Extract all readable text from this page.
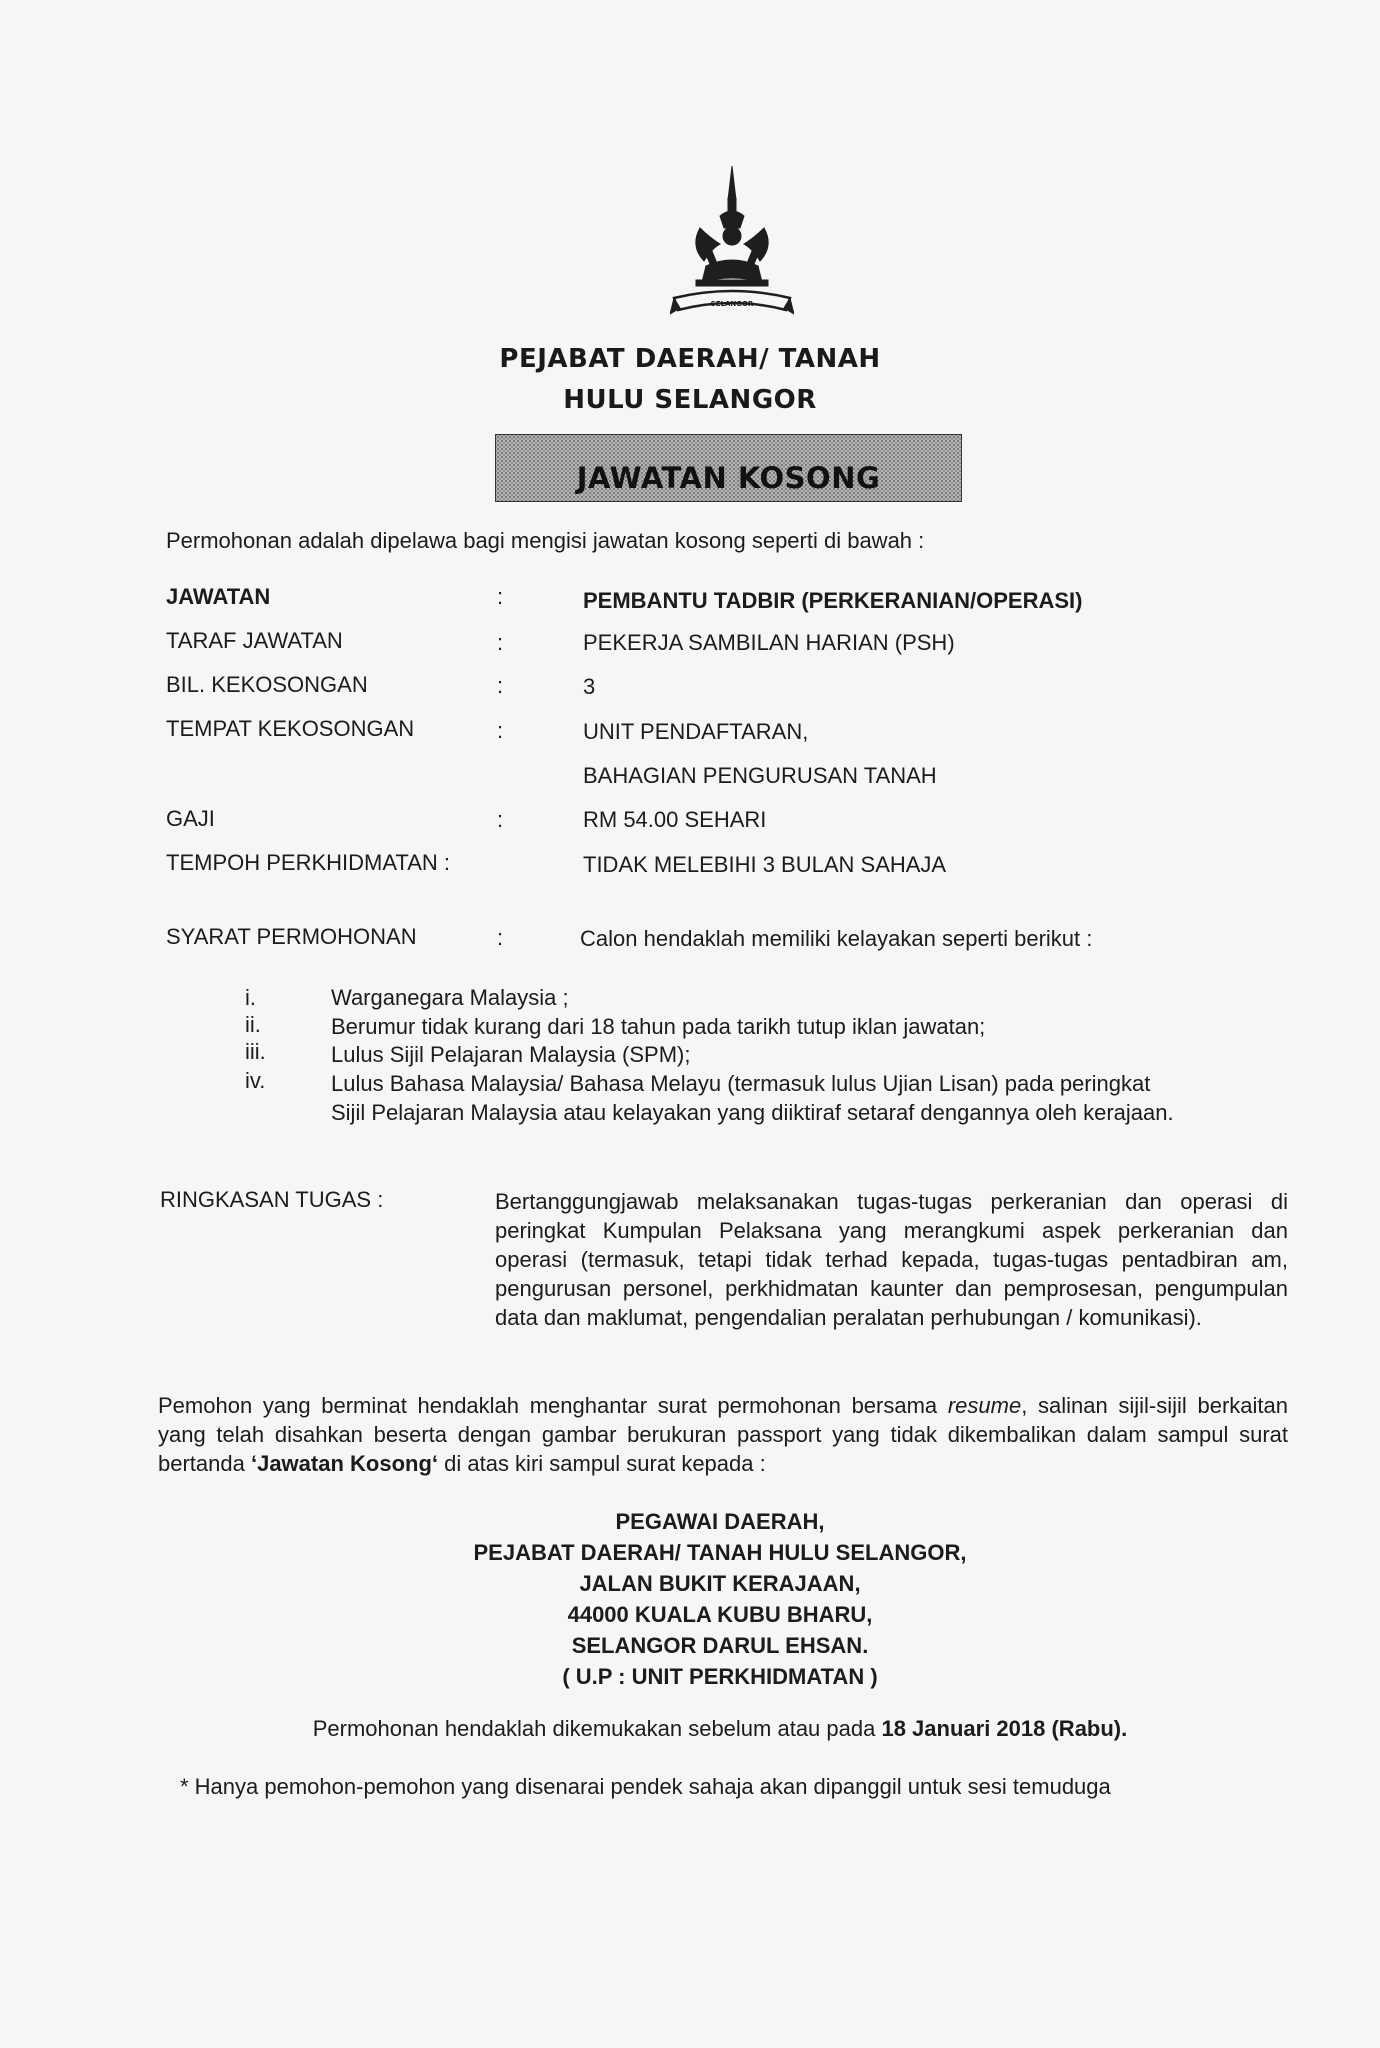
SELANGOR
PEJABAT DAERAH/ TANAH
HULU SELANGOR
JAWATAN KOSONG
Permohonan adalah dipelawa bagi mengisi jawatan kosong seperti di bawah :
JAWATAN	:	PEMBANTU TADBIR (PERKERANIAN/OPERASI)
TARAF JAWATAN	:	PEKERJA SAMBILAN HARIAN (PSH)
BIL. KEKOSONGAN	:	3
TEMPAT KEKOSONGAN	:	UNIT PENDAFTARAN,
BAHAGIAN PENGURUSAN TANAH
GAJI	:	RM 54.00 SEHARI
TEMPOH PERKHIDMATAN :	TIDAK MELEBIHI 3 BULAN SAHAJA
SYARAT PERMOHONAN	:	Calon hendaklah memiliki kelayakan seperti berikut :
i.	Warganegara Malaysia ;
ii.	Berumur tidak kurang dari 18 tahun pada tarikh tutup iklan jawatan;
iii.	Lulus Sijil Pelajaran Malaysia (SPM);
iv.	Lulus Bahasa Malaysia/ Bahasa Melayu (termasuk lulus Ujian Lisan) pada peringkat
Sijil Pelajaran Malaysia atau kelayakan yang diiktiraf setaraf dengannya oleh kerajaan.
RINGKASAN TUGAS :	Bertanggungjawab melaksanakan tugas-tugas perkeranian dan operasi di peringkat Kumpulan Pelaksana yang merangkumi aspek perkeranian dan operasi (termasuk, tetapi tidak terhad kepada, tugas-tugas pentadbiran am, pengurusan personel, perkhidmatan kaunter dan pemprosesan, pengumpulan data dan maklumat, pengendalian peralatan perhubungan / komunikasi).
Pemohon yang berminat hendaklah menghantar surat permohonan bersama resume, salinan sijil-sijil berkaitan yang telah disahkan beserta dengan gambar berukuran passport yang tidak dikembalikan dalam sampul surat bertanda ‘Jawatan Kosong‘ di atas kiri sampul surat kepada :
PEGAWAI DAERAH,
PEJABAT DAERAH/ TANAH HULU SELANGOR,
JALAN BUKIT KERAJAAN,
44000 KUALA KUBU BHARU,
SELANGOR DARUL EHSAN.
( U.P : UNIT PERKHIDMATAN )
Permohonan hendaklah dikemukakan sebelum atau pada 18 Januari 2018 (Rabu).
* Hanya pemohon-pemohon yang disenarai pendek sahaja akan dipanggil untuk sesi temuduga
